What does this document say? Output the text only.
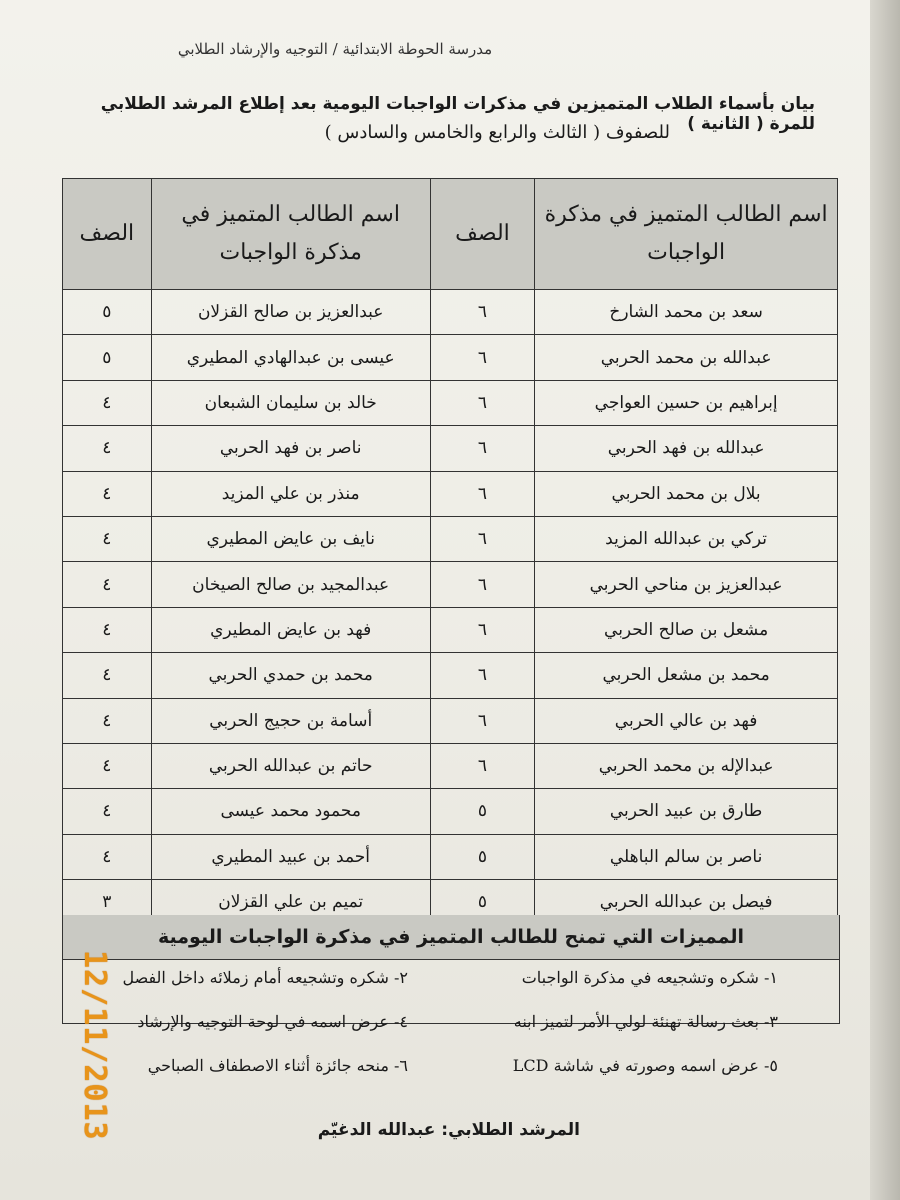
مدرسة الحوطة الابتدائية / التوجيه والإرشاد الطلابي
بيان بأسماء الطلاب المتميزين في مذكرات الواجبات اليومية بعد إطلاع المرشد الطلابي للمرة ( الثانية )
للصفوف ( الثالث والرابع والخامس والسادس )
اسم الطالب المتميز في مذكرة الواجبات	الصف	اسم الطالب المتميز في مذكرة الواجبات	الصف
سعد بن محمد الشارخ	٦	عبدالعزيز بن صالح القزلان	٥
عبدالله بن محمد الحربي	٦	عيسى بن عبدالهادي المطيري	٥
إبراهيم بن حسين العواجي	٦	خالد بن سليمان الشبعان	٤
عبدالله بن فهد الحربي	٦	ناصر بن فهد الحربي	٤
بلال بن محمد الحربي	٦	منذر بن علي المزيد	٤
تركي بن عبدالله المزيد	٦	نايف بن عايض المطيري	٤
عبدالعزيز بن مناحي الحربي	٦	عبدالمجيد بن صالح الصيخان	٤
مشعل بن صالح الحربي	٦	فهد بن عايض المطيري	٤
محمد بن مشعل الحربي	٦	محمد بن حمدي الحربي	٤
فهد بن عالي الحربي	٦	أسامة بن حجيج الحربي	٤
عبدالإله بن محمد الحربي	٦	حاتم بن عبدالله الحربي	٤
طارق بن عبيد الحربي	٥	محمود محمد عيسى	٤
ناصر بن سالم الباهلي	٥	أحمد بن عبيد المطيري	٤
فيصل بن عبدالله الحربي	٥	تميم بن علي القزلان	٣
المميزات التي تمنح للطالب المتميز في مذكرة الواجبات اليومية
١- شكره وتشجيعه في مذكرة الواجبات
٢- شكره وتشجيعه أمام زملائه داخل الفصل
٣- بعث رسالة تهنئة لولي الأمر لتميز ابنه
٤- عرض اسمه في لوحة التوجيه والإرشاد
٥- عرض اسمه وصورته في شاشة LCD
٦- منحه جائزة أثناء الاصطفاف الصباحي
المرشد الطلابي: عبدالله الدغيّم
12/11/2013
